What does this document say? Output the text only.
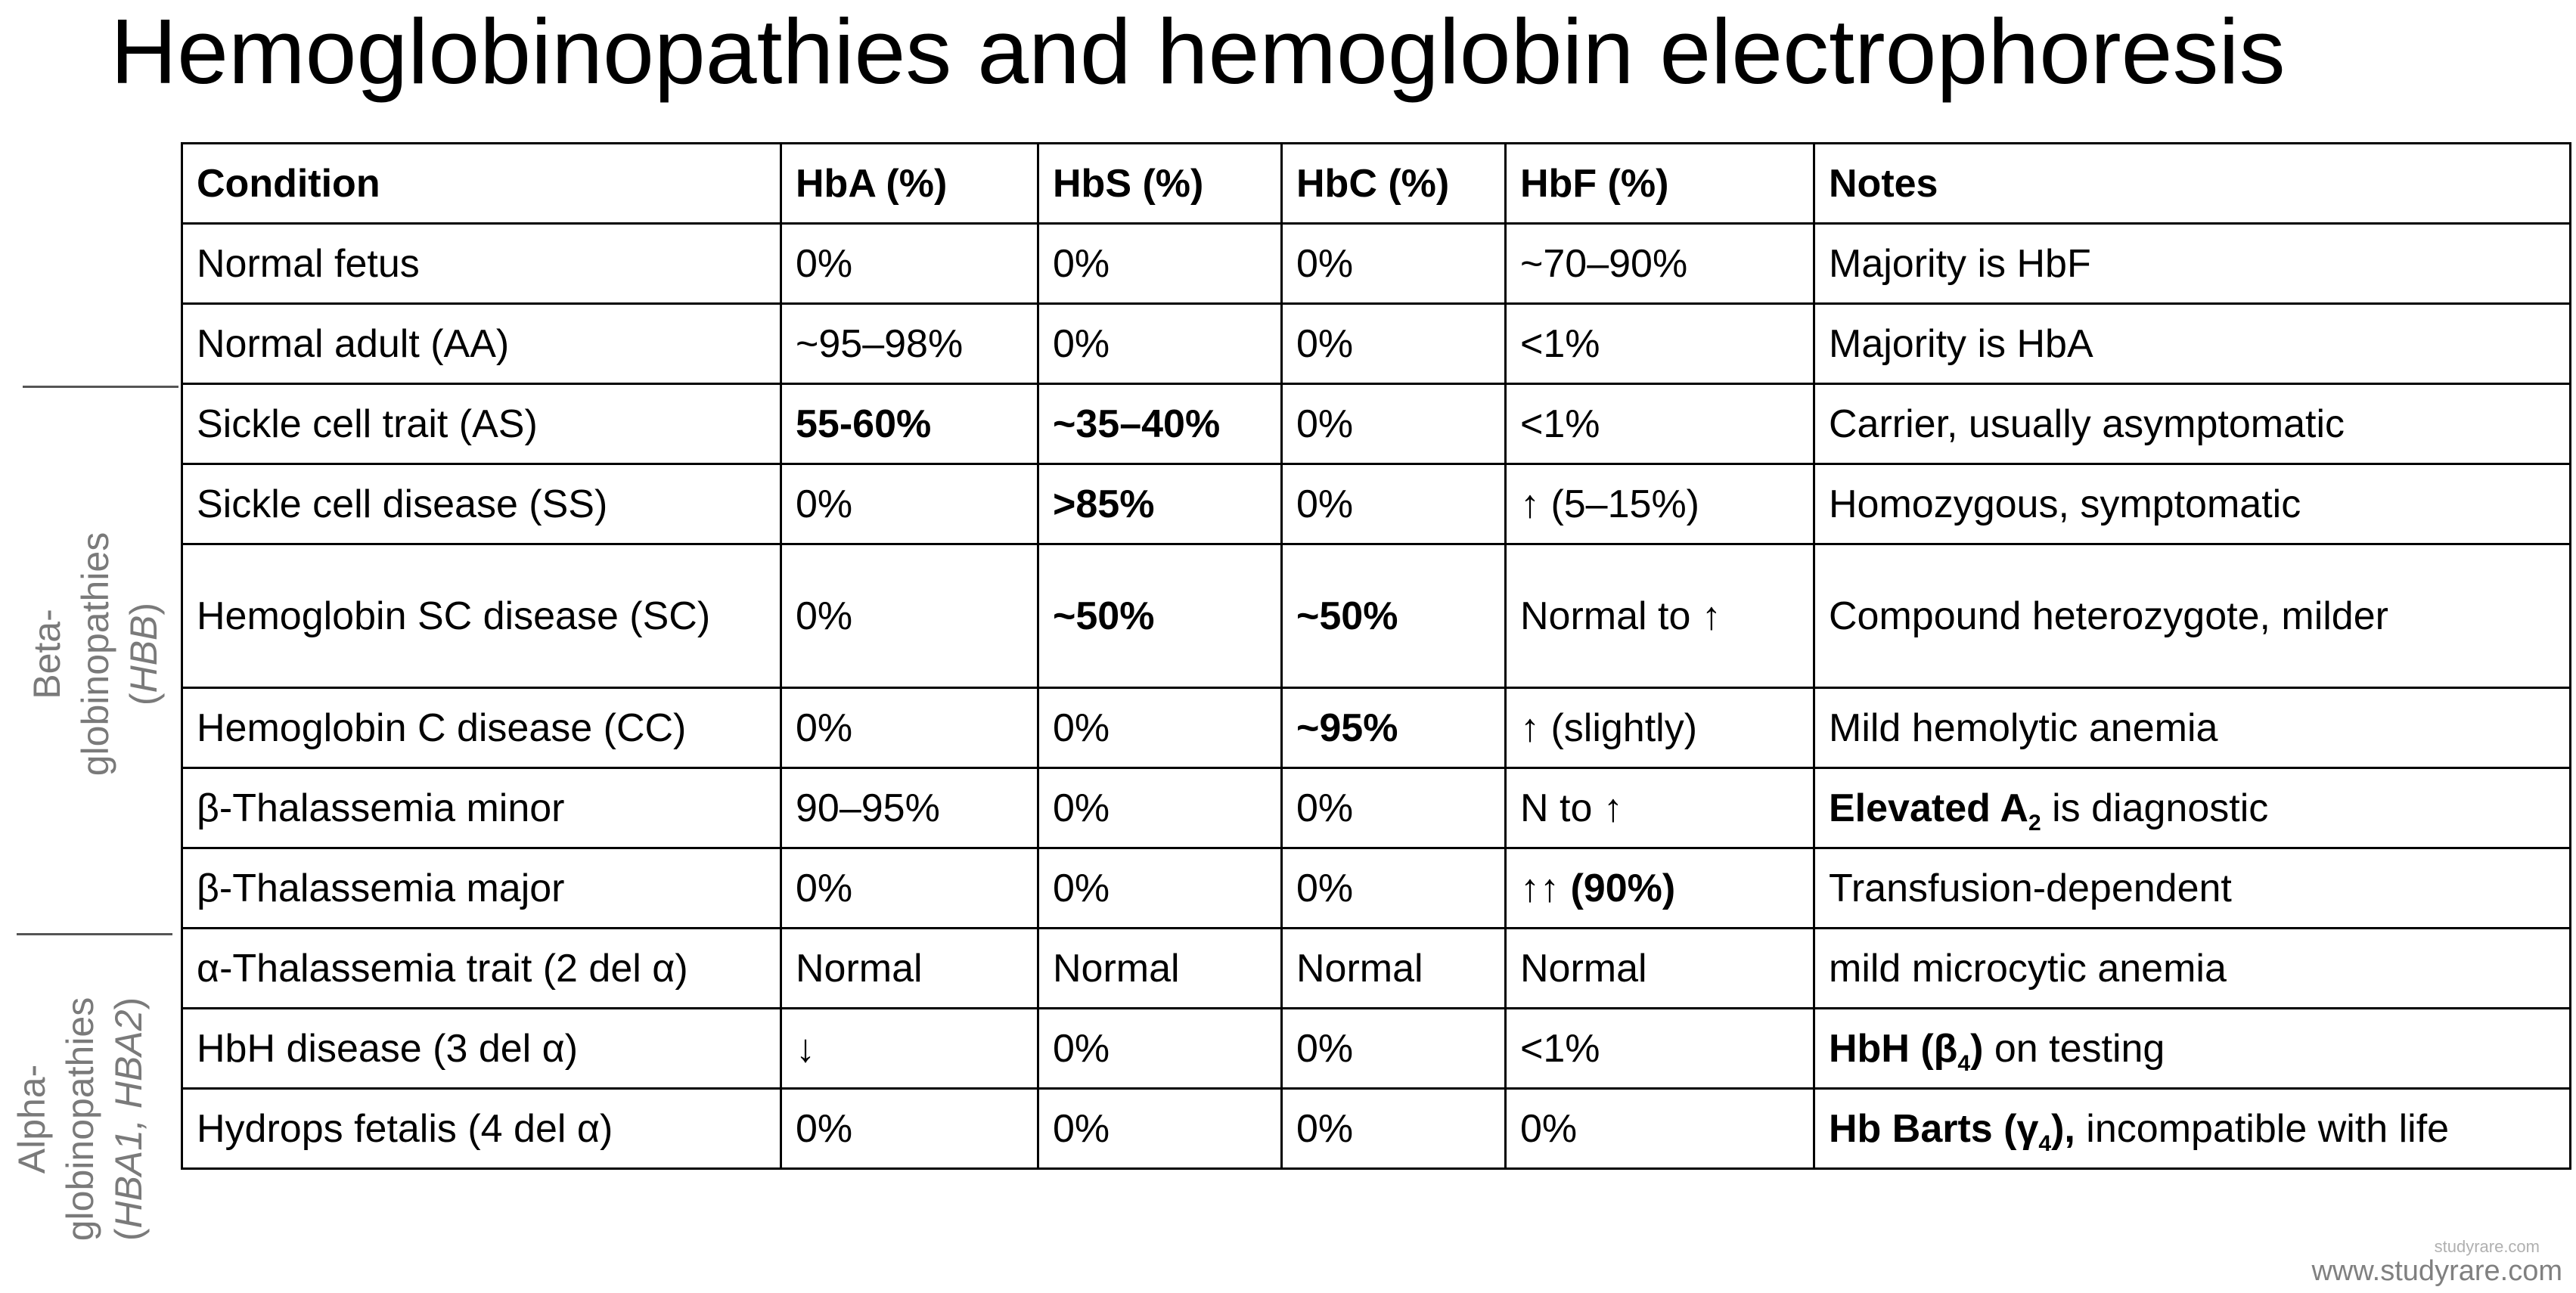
Hemoglobinopathies and hemoglobin electrophoresis
Beta- globinopathies (HBB)
Alpha- globinopathies (HBA1, HBA2)
Condition	HbA (%)	HbS (%)	HbC (%)	HbF (%)	Notes
Normal fetus	0%	0%	0%	~70–90%	Majority is HbF
Normal adult (AA)	~95–98%	0%	0%	<1%	Majority is HbA
Sickle cell trait (AS)	55-60%	~35–40%	0%	<1%	Carrier, usually asymptomatic
Sickle cell disease (SS)	0%	>85%	0%	↑ (5–15%)	Homozygous, symptomatic
Hemoglobin SC disease (SC)	0%	~50%	~50%	Normal to ↑	Compound heterozygote, milder
Hemoglobin C disease (CC)	0%	0%	~95%	↑ (slightly)	Mild hemolytic anemia
β-Thalassemia minor	90–95%	0%	0%	N to ↑	Elevated $A_2$ is diagnostic
β-Thalassemia major	0%	0%	0%	↑↑ (90%)	Transfusion-dependent
α-Thalassemia trait (2 del α)	Normal	Normal	Normal	Normal	mild microcytic anemia
HbH disease (3 del α)	↓	0%	0%	<1%	HbH $(\beta_4)$ on testing
Hydrops fetalis (4 del α)	0%	0%	0%	0%	Hb Barts $(\gamma_4)$, incompatible with life
studyrare.com
www.studyrare.com
